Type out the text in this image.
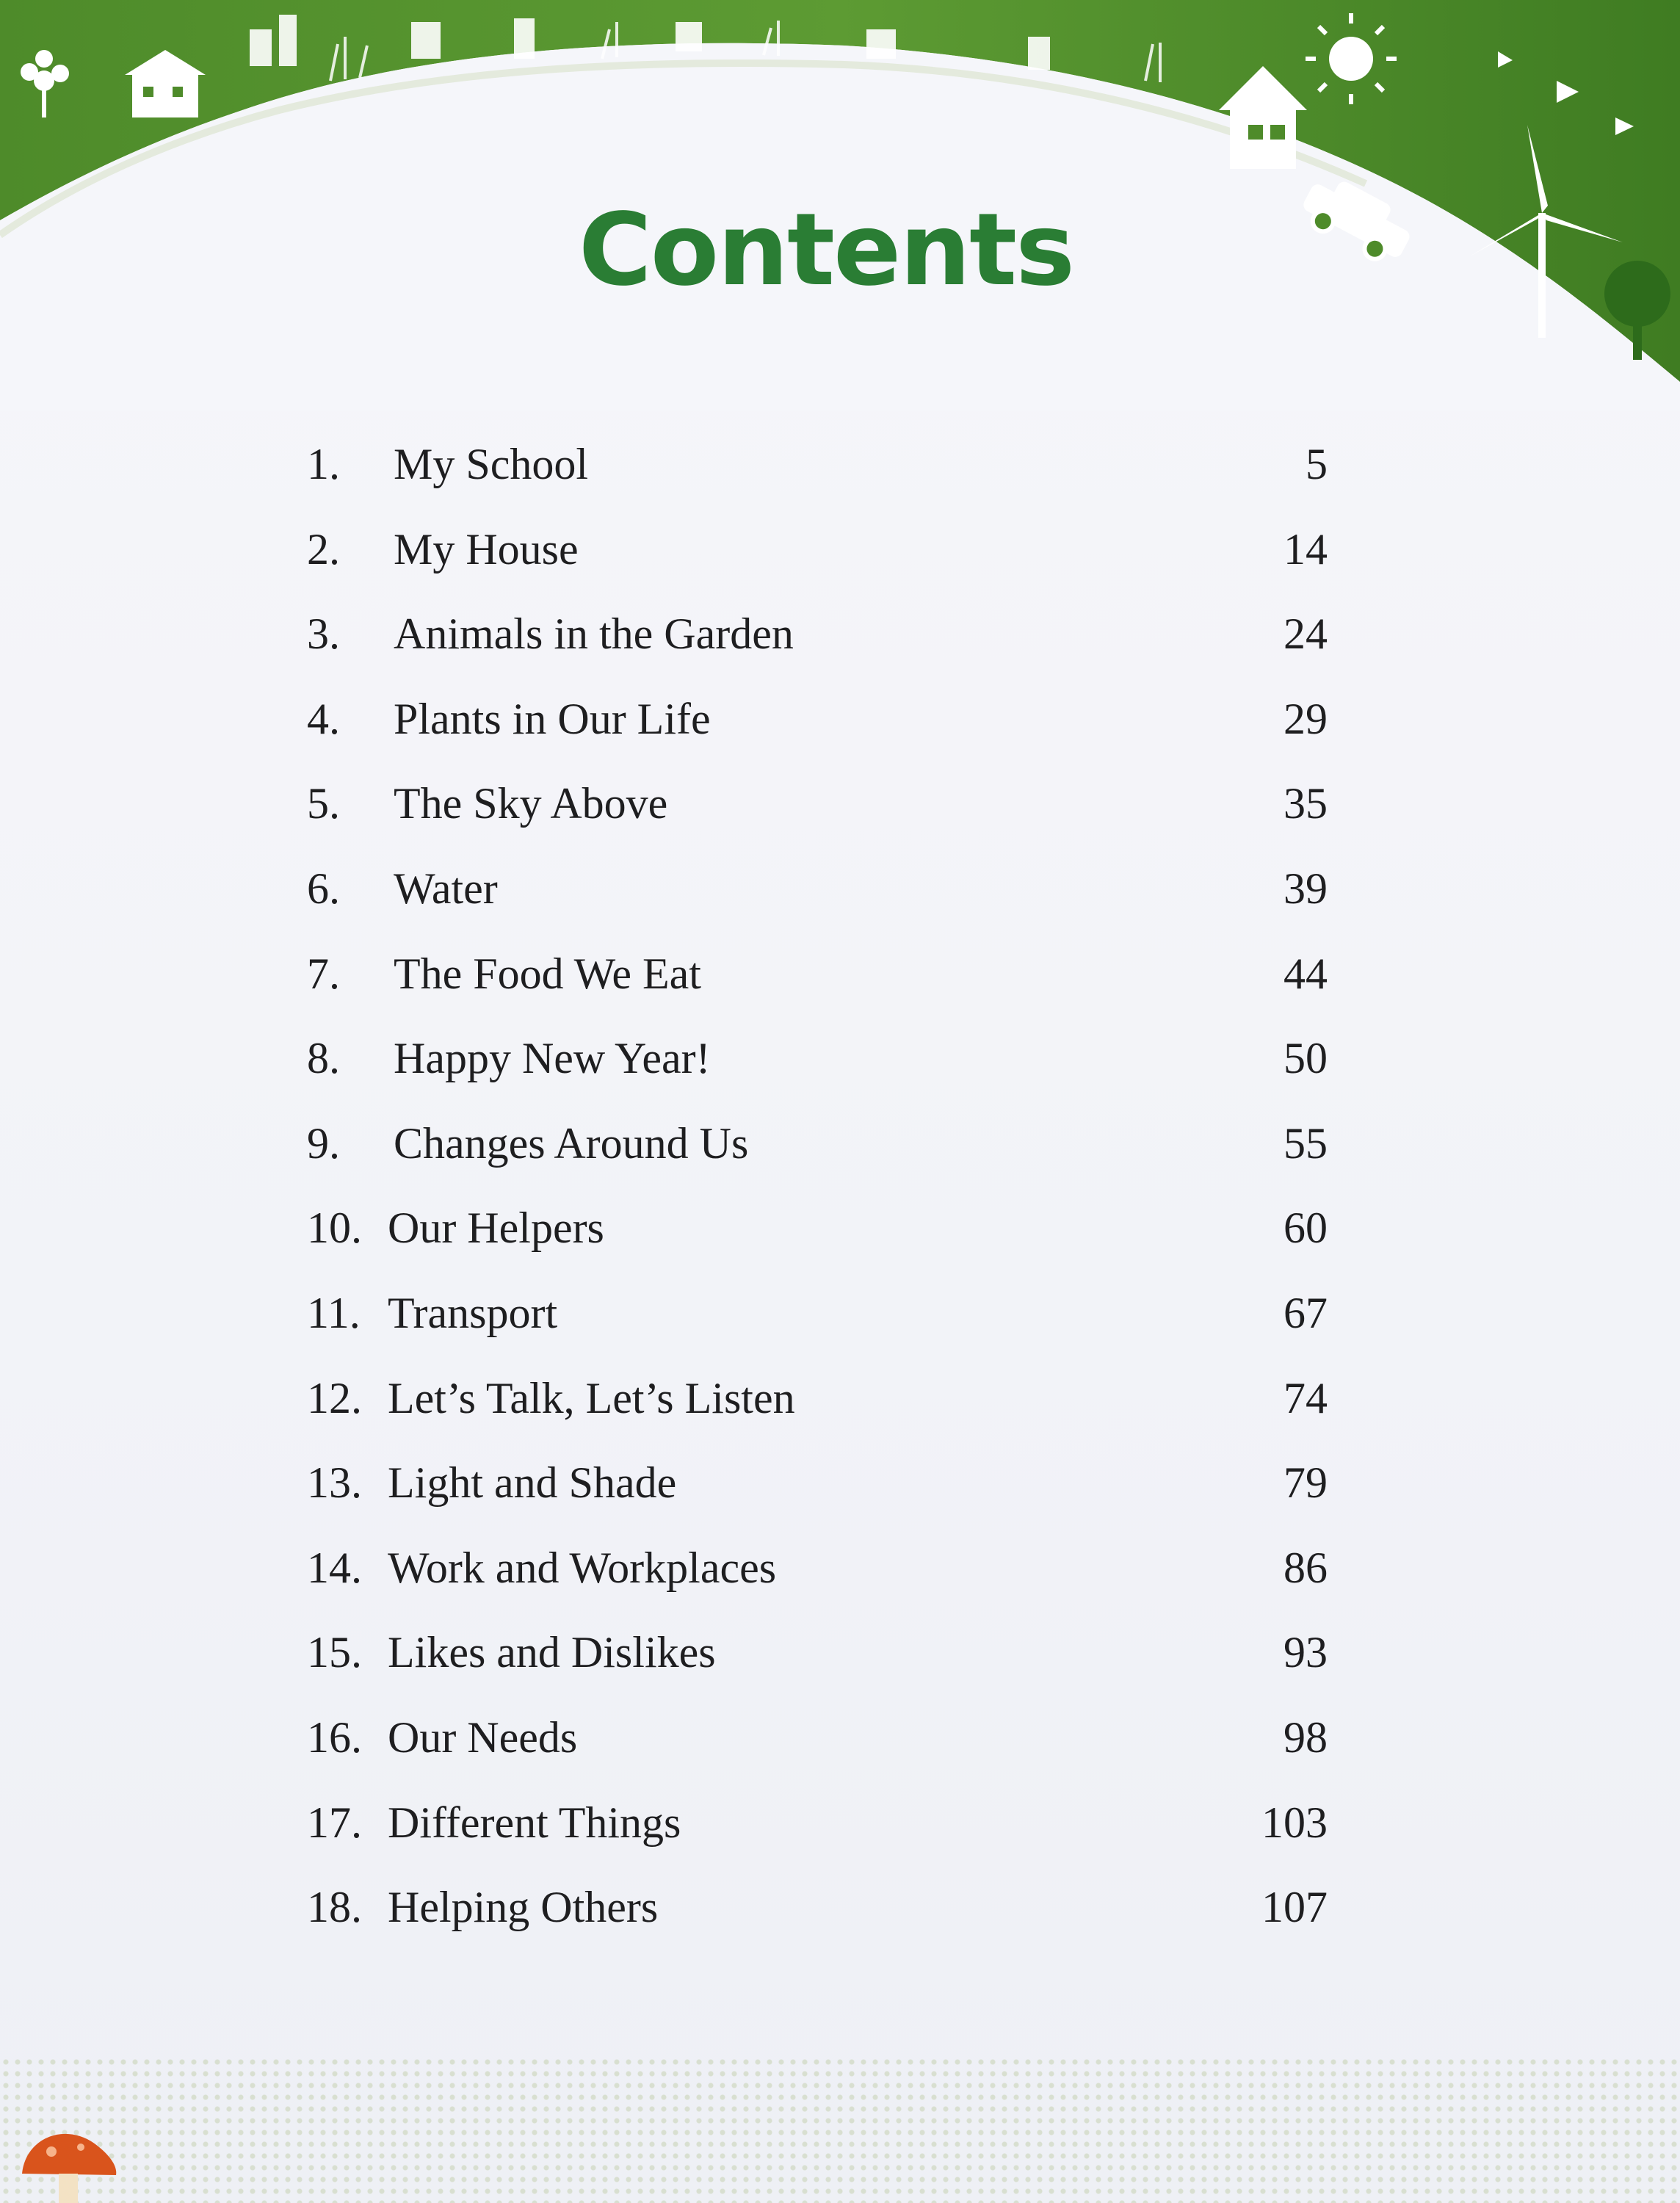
Contents

1.	My School	5
2.	My House	14
3.	Animals in the Garden	24
4.	Plants in Our Life	29
5.	The Sky Above	35
6.	Water	39
7.	The Food We Eat	44
8.	Happy New Year!	50
9.	Changes Around Us	55
10. Our Helpers	60
11. Transport	67
12. Let’s Talk, Let’s Listen	74
13. Light and Shade	79
14. Work and Workplaces	86
15. Likes and Dislikes	93
16. Our Needs	98
17. Different Things	103
18. Helping Others	107
